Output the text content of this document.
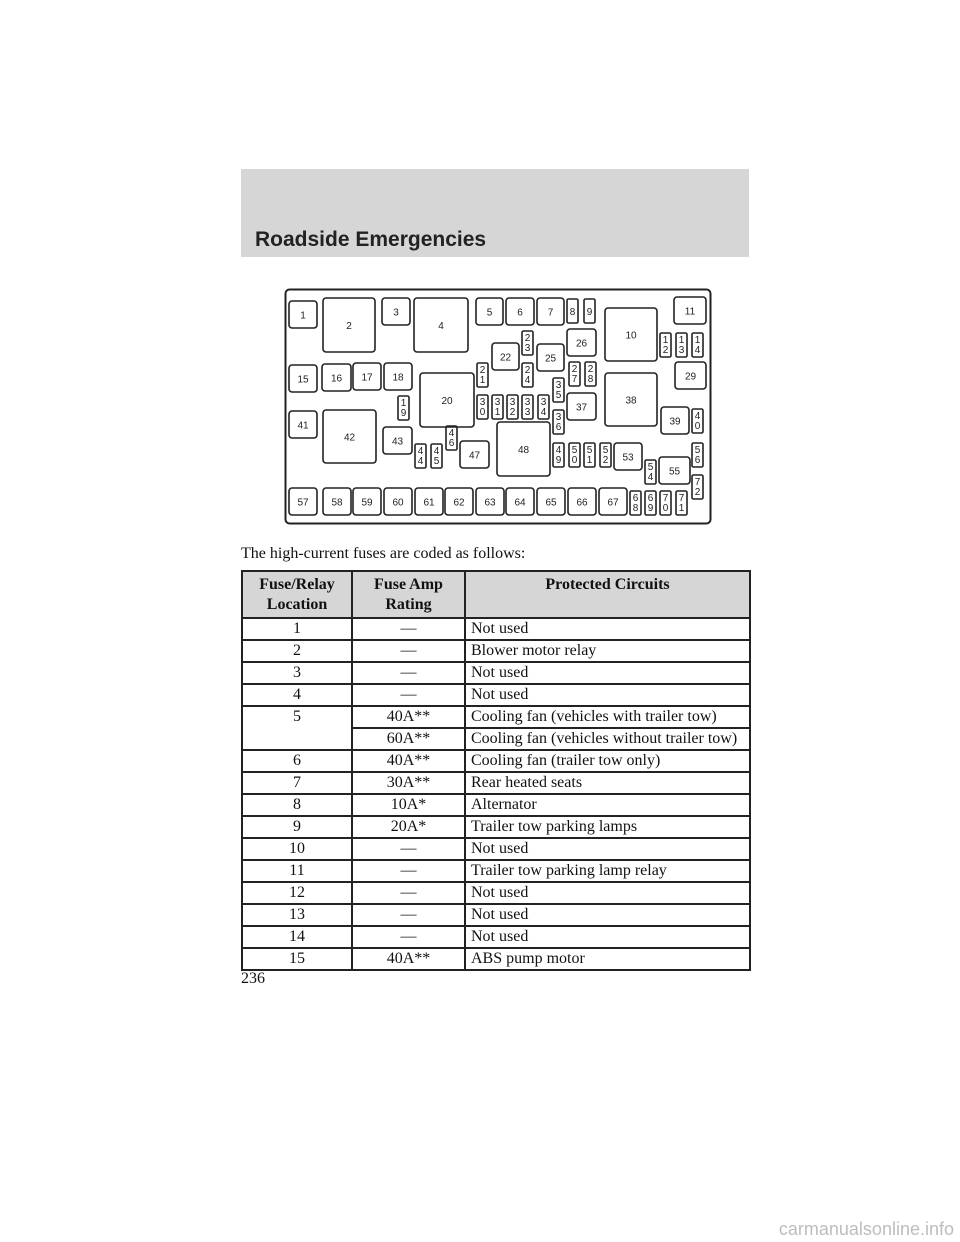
Roadside Emergencies
1
2
3
4
5 6 7 8 9
10
11
1
2
1
3
1
4
15 16 17 18
1
9
20
2
1
22
2
3
2
4
25
26
2
7
2
8	29
3
0
3
1
3
2
3
3
3
4
3
5
3
6
37
38
39 4
0
41
42	43
4
4
4
5
4
6
47	48	4
9
5
0
5
1
5
2 53
5
4 55
5
6
57 58 59 60 61 62 63 64 65 66 67 6
8
6
9
7
0
7
1
7
2
The high-current fuses are coded as follows:
Fuse/Relay
Location	Fuse Amp
Rating	Protected Circuits
1	—	Not used
2	—	Blower motor relay
3	—	Not used
4	—	Not used
5	40A**	Cooling fan (vehicles with trailer tow)
	60A**	Cooling fan (vehicles without trailer tow)
6	40A**	Cooling fan (trailer tow only)
7	30A**	Rear heated seats
8	10A*	Alternator
9	20A*	Trailer tow parking lamps
10	—	Not used
11	—	Trailer tow parking lamp relay
12	—	Not used
13	—	Not used
14	—	Not used
15	40A**	ABS pump motor
236
carmanualsonline.info
